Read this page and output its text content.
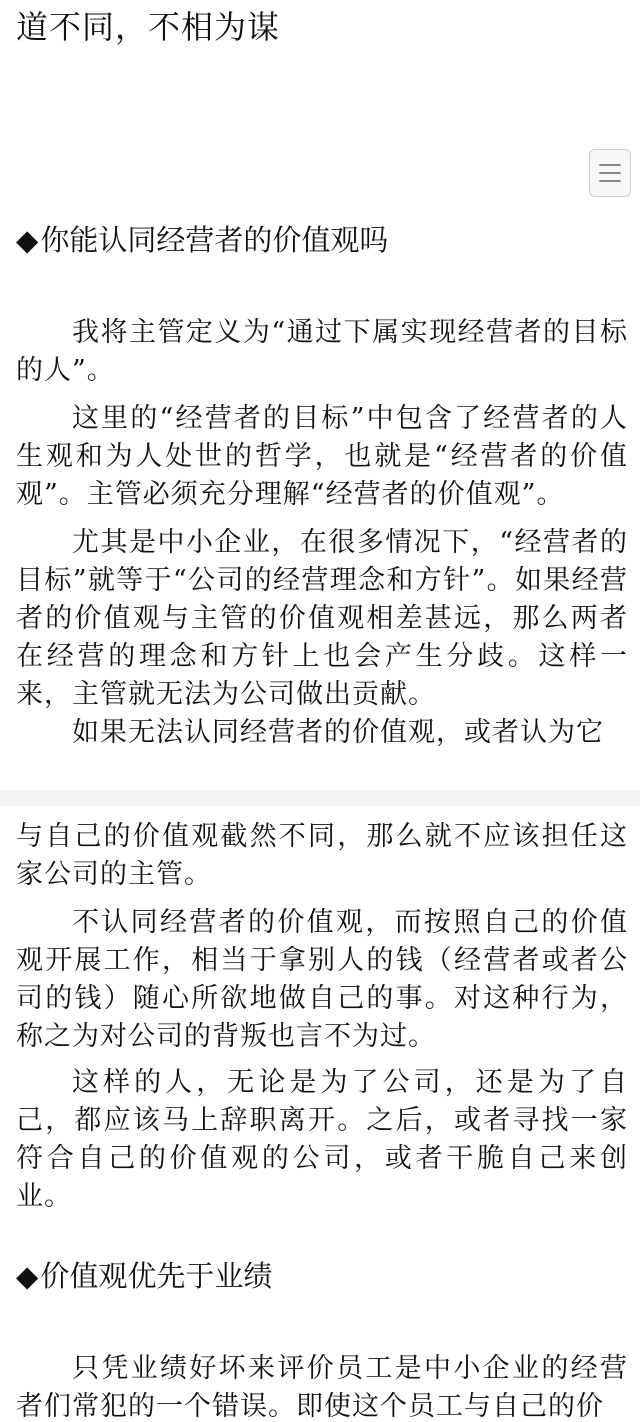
道不同，不相为谋
◆你能认同经营者的价值观吗

我将主管定义为“通过下属实现经营者的目标的人”。

这里的“经营者的目标”中包含了经营者的人生观和为人处世的哲学，也就是“经营者的价值观”。主管必须充分理解“经营者的价值观”。

尤其是中小企业，在很多情况下，“经营者的目标”就等于“公司的经营理念和方针”。如果经营者的价值观与主管的价值观相差甚远，那么两者在经营的理念和方针上也会产生分歧。这样一来，主管就无法为公司做出贡献。

如果无法认同经营者的价值观，或者认为它

与自己的价值观截然不同，那么就不应该担任这家公司的主管。

不认同经营者的价值观，而按照自己的价值观开展工作，相当于拿别人的钱（经营者或者公司的钱）随心所欲地做自己的事。对这种行为，称之为对公司的背叛也言不为过。

这样的人，无论是为了公司，还是为了自己，都应该马上辞职离开。之后，或者寻找一家符合自己的价值观的公司，或者干脆自己来创业。

◆价值观优先于业绩

只凭业绩好坏来评价员工是中小企业的经营者们常犯的一个错误。即使这个员工与自己的价
